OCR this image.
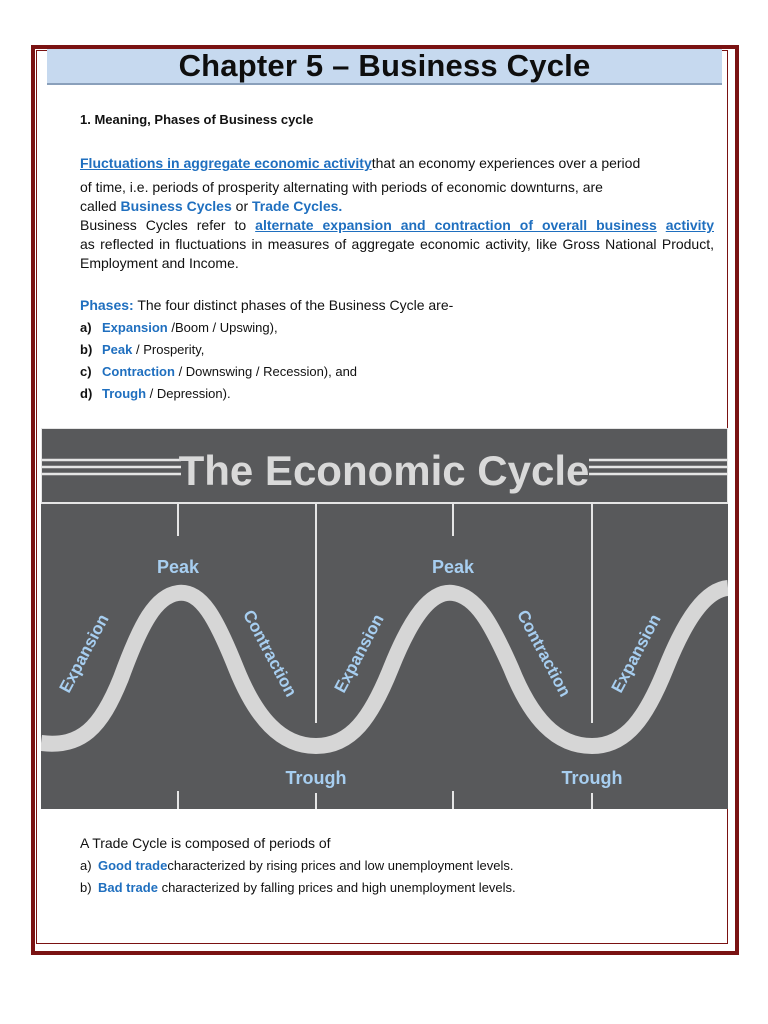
Chapter 5 – Business Cycle
1. Meaning, Phases of Business cycle
Fluctuations in aggregate economic activitythat an economy experiences over a period
of time, i.e. periods of prosperity alternating with periods of economic downturns, are
called Business Cycles or Trade Cycles.
Business Cycles refer to alternate expansion and contraction of overall business activity
as reflected in fluctuations in measures of aggregate economic activity, like Gross National Product, Employment and Income.
Phases: The four distinct phases of the Business Cycle are-
a) Expansion /Boom / Upswing),
b) Peak / Prosperity,
c) Contraction / Downswing / Recession), and
d) Trough / Depression).
The Economic Cycle
Peak	Peak
Trough	Trough
Expansion	Expansion	Expansion
Contraction	Contraction
A Trade Cycle is composed of periods of
a) Good tradecharacterized by rising prices and low unemployment levels.
b) Bad trade characterized by falling prices and high unemployment levels.
